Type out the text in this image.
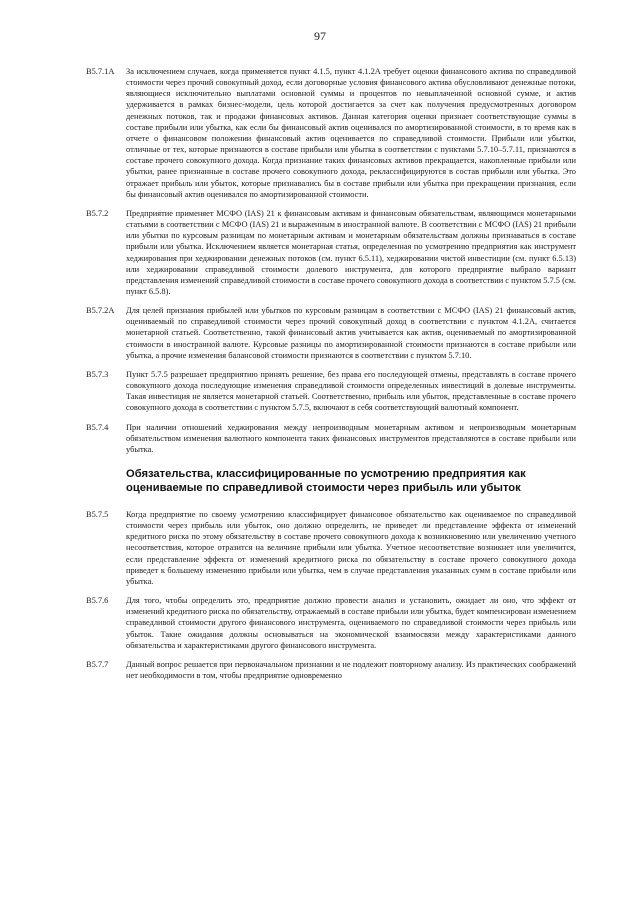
97
B5.7.1A	За исключением случаев, когда применяется пункт 4.1.5, пункт 4.1.2A требует оценки финансового актива по справедливой стоимости через прочий совокупный доход, если договорные условия финансового актива обусловливают денежные потоки, являющиеся исключительно выплатами основной суммы и процентов по невыплаченной основной сумме, и актив удерживается в рамках бизнес-модели, цель которой достигается за счет как получения предусмотренных договором денежных потоков, так и продажи финансовых активов. Данная категория оценки признает соответствующие суммы в составе прибыли или убытка, как если бы финансовый актив оценивался по амортизированной стоимости, в то время как в отчете о финансовом положении финансовый актив оценивается по справедливой стоимости. Прибыли или убытки, отличные от тех, которые признаются в составе прибыли или убытка в соответствии с пунктами 5.7.10–5.7.11, признаются в составе прочего совокупного дохода. Когда признание таких финансовых активов прекращается, накопленные прибыли или убытки, ранее признанные в составе прочего совокупного дохода, реклассифицируются в состав прибыли или убытка. Это отражает прибыль или убыток, которые признавались бы в составе прибыли или убытка при прекращении признания, если бы финансовый актив оценивался по амортизированной стоимости.
B5.7.2	Предприятие применяет МСФО (IAS) 21 к финансовым активам и финансовым обязательствам, являющимся монетарными статьями в соответствии с МСФО (IAS) 21 и выраженным в иностранной валюте. В соответствии с МСФО (IAS) 21 прибыли или убытки по курсовым разницам по монетарным активам и монетарным обязательствам должны признаваться в составе прибыли или убытка. Исключением является монетарная статья, определенная по усмотрению предприятия как инструмент хеджирования при хеджировании денежных потоков (см. пункт 6.5.11), хеджировании чистой инвестиции (см. пункт 6.5.13) или хеджировании справедливой стоимости долевого инструмента, для которого предприятие выбрало вариант представления изменений справедливой стоимости в составе прочего совокупного дохода в соответствии с пунктом 5.7.5 (см. пункт 6.5.8).
B5.7.2A	Для целей признания прибылей или убытков по курсовым разницам в соответствии с МСФО (IAS) 21 финансовый актив, оцениваемый по справедливой стоимости через прочий совокупный доход в соответствии с пунктом 4.1.2A, считается монетарной статьей. Соответственно, такой финансовый актив учитывается как актив, оцениваемый по амортизированной стоимости в иностранной валюте. Курсовые разницы по амортизированной стоимости признаются в составе прибыли или убытка, а прочие изменения балансовой стоимости признаются в соответствии с пунктом 5.7.10.
B5.7.3	Пункт 5.7.5 разрешает предприятию принять решение, без права его последующей отмены, представлять в составе прочего совокупного дохода последующие изменения справедливой стоимости определенных инвестиций в долевые инструменты. Такая инвестиция не является монетарной статьей. Соответственно, прибыль или убыток, представленные в составе прочего совокупного дохода в соответствии с пунктом 5.7.5, включают в себя соответствующий валютный компонент.
B5.7.4	При наличии отношений хеджирования между непроизводным монетарным активом и непроизводным монетарным обязательством изменения валютного компонента таких финансовых инструментов представляются в составе прибыли или убытка.
Обязательства, классифицированные по усмотрению предприятия как оцениваемые по справедливой стоимости через прибыль или убыток
B5.7.5	Когда предприятие по своему усмотрению классифицирует финансовое обязательство как оцениваемое по справедливой стоимости через прибыль или убыток, оно должно определить, не приведет ли представление эффекта от изменений кредитного риска по этому обязательству в составе прочего совокупного дохода к возникновению или увеличению учетного несоответствия, которое отразится на величине прибыли или убытка. Учетное несоответствие возникнет или увеличится, если представление эффекта от изменений кредитного риска по обязательству в составе прочего совокупного дохода приведет к большему изменению прибыли или убытка, чем в случае представления указанных сумм в составе прибыли или убытка.
B5.7.6	Для того, чтобы определить это, предприятие должно провести анализ и установить, ожидает ли оно, что эффект от изменений кредитного риска по обязательству, отражаемый в составе прибыли или убытка, будет компенсирован изменением справедливой стоимости другого финансового инструмента, оцениваемого по справедливой стоимости через прибыль или убыток. Такие ожидания должны основываться на экономической взаимосвязи между характеристиками данного обязательства и характеристиками другого финансового инструмента.
B5.7.7	Данный вопрос решается при первоначальном признании и не подлежит повторному анализу. Из практических соображений нет необходимости в том, чтобы предприятие одновременно
